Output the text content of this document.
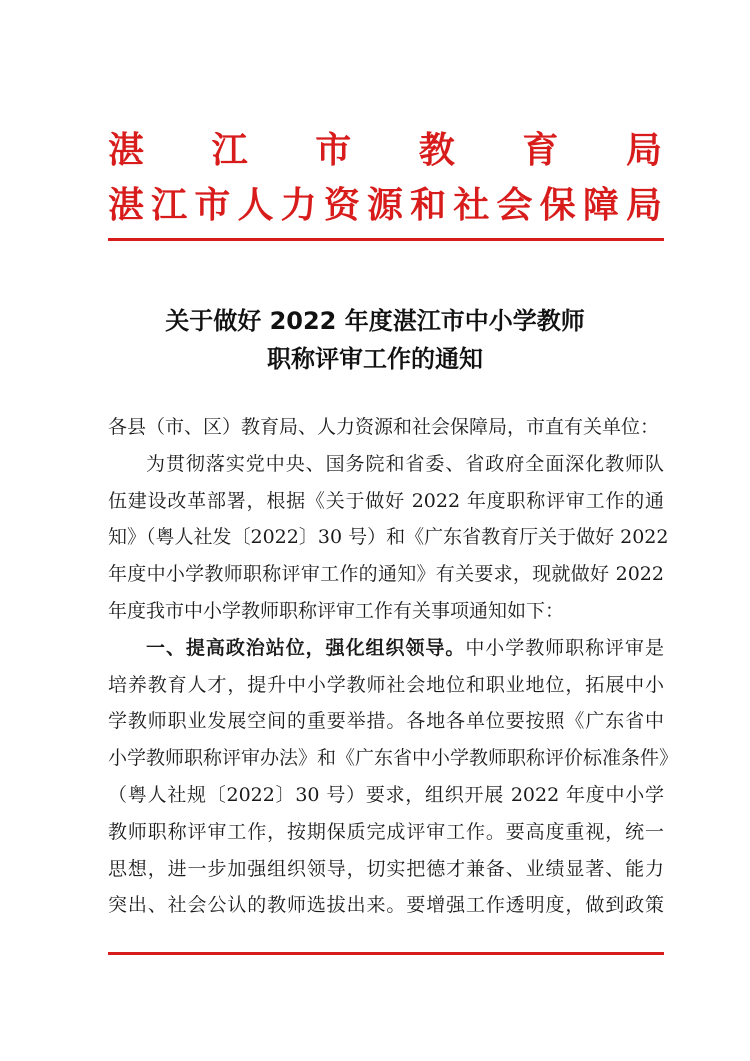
湛江市教育局
湛江市人力资源和社会保障局
关于做好 2022 年度湛江市中小学教师
职称评审工作的通知
各县（市、区）教育局、人力资源和社会保障局，市直有关单位：
为贯彻落实党中央、国务院和省委、省政府全面深化教师队
伍建设改革部署，根据《关于做好 2022 年度职称评审工作的通
知》（粤人社发〔2022〕30 号）和《广东省教育厅关于做好 2022
年度中小学教师职称评审工作的通知》有关要求，现就做好 2022
年度我市中小学教师职称评审工作有关事项通知如下：
一、提高政治站位，强化组织领导。中小学教师职称评审是
培养教育人才，提升中小学教师社会地位和职业地位，拓展中小
学教师职业发展空间的重要举措。各地各单位要按照《广东省中
小学教师职称评审办法》和《广东省中小学教师职称评价标准条件》
（粤人社规〔2022〕30 号）要求，组织开展 2022 年度中小学
教师职称评审工作，按期保质完成评审工作。要高度重视，统一
思想，进一步加强组织领导，切实把德才兼备、业绩显著、能力
突出、社会公认的教师选拔出来。要增强工作透明度，做到政策
